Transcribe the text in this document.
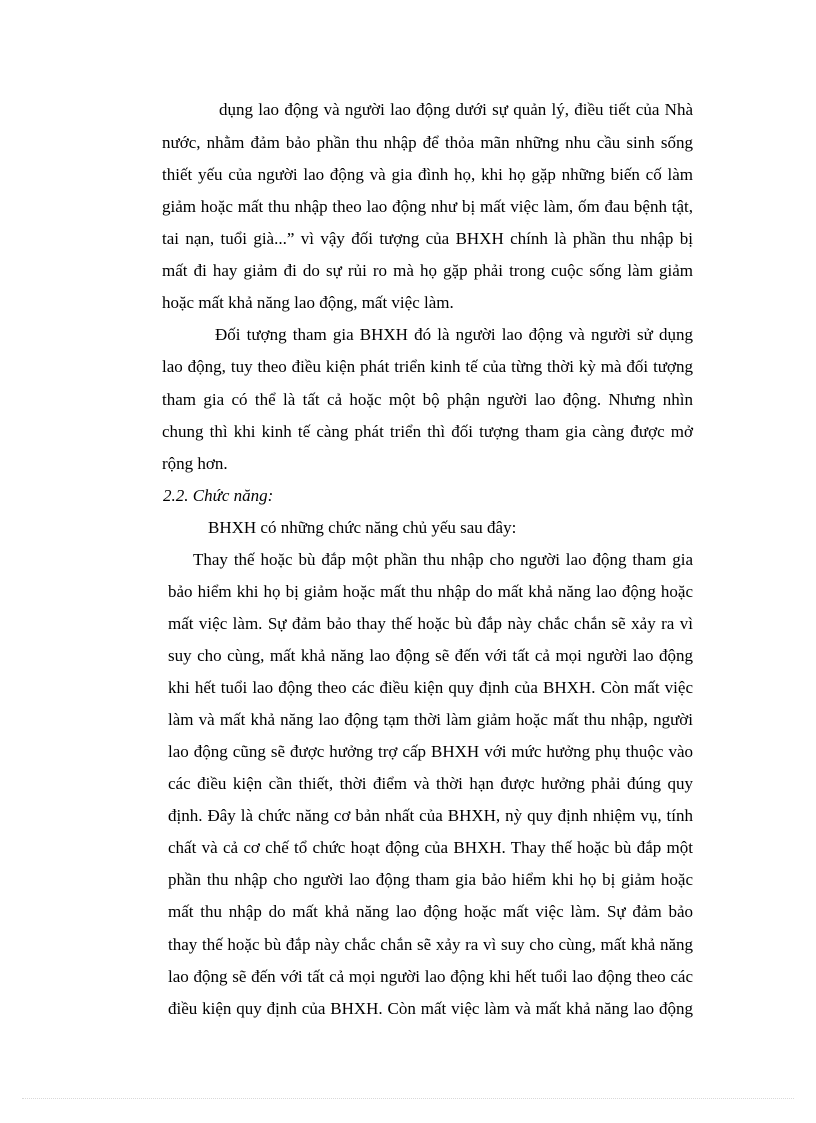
dụng lao động và người lao động dưới sự quản lý, điều tiết của Nhà
nước, nhằm đảm bảo phần thu nhập để thỏa mãn những nhu cầu sinh sống
thiết yếu của người lao động và gia đình họ, khi họ gặp những biến cố làm
giảm hoặc mất thu nhập theo lao động như bị mất việc làm, ốm đau bệnh tật,
tai nạn, tuổi già...” vì vậy đối tượng của BHXH chính là phần thu nhập bị
mất đi hay giảm đi do sự rủi ro mà họ gặp phải trong cuộc sống làm giảm
hoặc mất khả năng lao động, mất việc làm.
Đối tượng tham gia BHXH đó là người lao động và người sử dụng
lao động, tuy theo điều kiện phát triển kinh tế của từng thời kỳ mà đối tượng
tham gia có thể là tất cả hoặc một bộ phận người lao động. Nhưng nhìn
chung thì khi kinh tế càng phát triển thì đối tượng tham gia càng được mở
rộng hơn.
2.2. Chức năng:
BHXH có những chức năng chủ yếu sau đây:
Thay thế hoặc bù đắp một phần thu nhập cho người lao động tham gia
bảo hiểm khi họ bị giảm hoặc mất thu nhập do mất khả năng lao động hoặc
mất việc làm. Sự đảm bảo thay thế hoặc bù đắp này chắc chắn sẽ xảy ra vì
suy cho cùng, mất khả năng lao động sẽ đến với tất cả mọi người lao động
khi hết tuổi lao động theo các điều kiện quy định của BHXH. Còn mất việc
làm và mất khả năng lao động tạm thời làm giảm hoặc mất thu nhập, người
lao động cũng sẽ được hưởng trợ cấp BHXH với mức hưởng phụ thuộc vào
các điều kiện cần thiết, thời điểm và thời hạn được hưởng phải đúng quy
định. Đây là chức năng cơ bản nhất của BHXH, nỳ quy định nhiệm vụ, tính
chất và cả cơ chế tổ chức hoạt động của BHXH. Thay thế hoặc bù đắp một
phần thu nhập cho người lao động tham gia bảo hiểm khi họ bị giảm hoặc
mất thu nhập do mất khả năng lao động hoặc mất việc làm. Sự đảm bảo
thay thế hoặc bù đắp này chắc chắn sẽ xảy ra vì suy cho cùng, mất khả năng
lao động sẽ đến với tất cả mọi người lao động khi hết tuổi lao động theo các
điều kiện quy định của BHXH. Còn mất việc làm và mất khả năng lao động
